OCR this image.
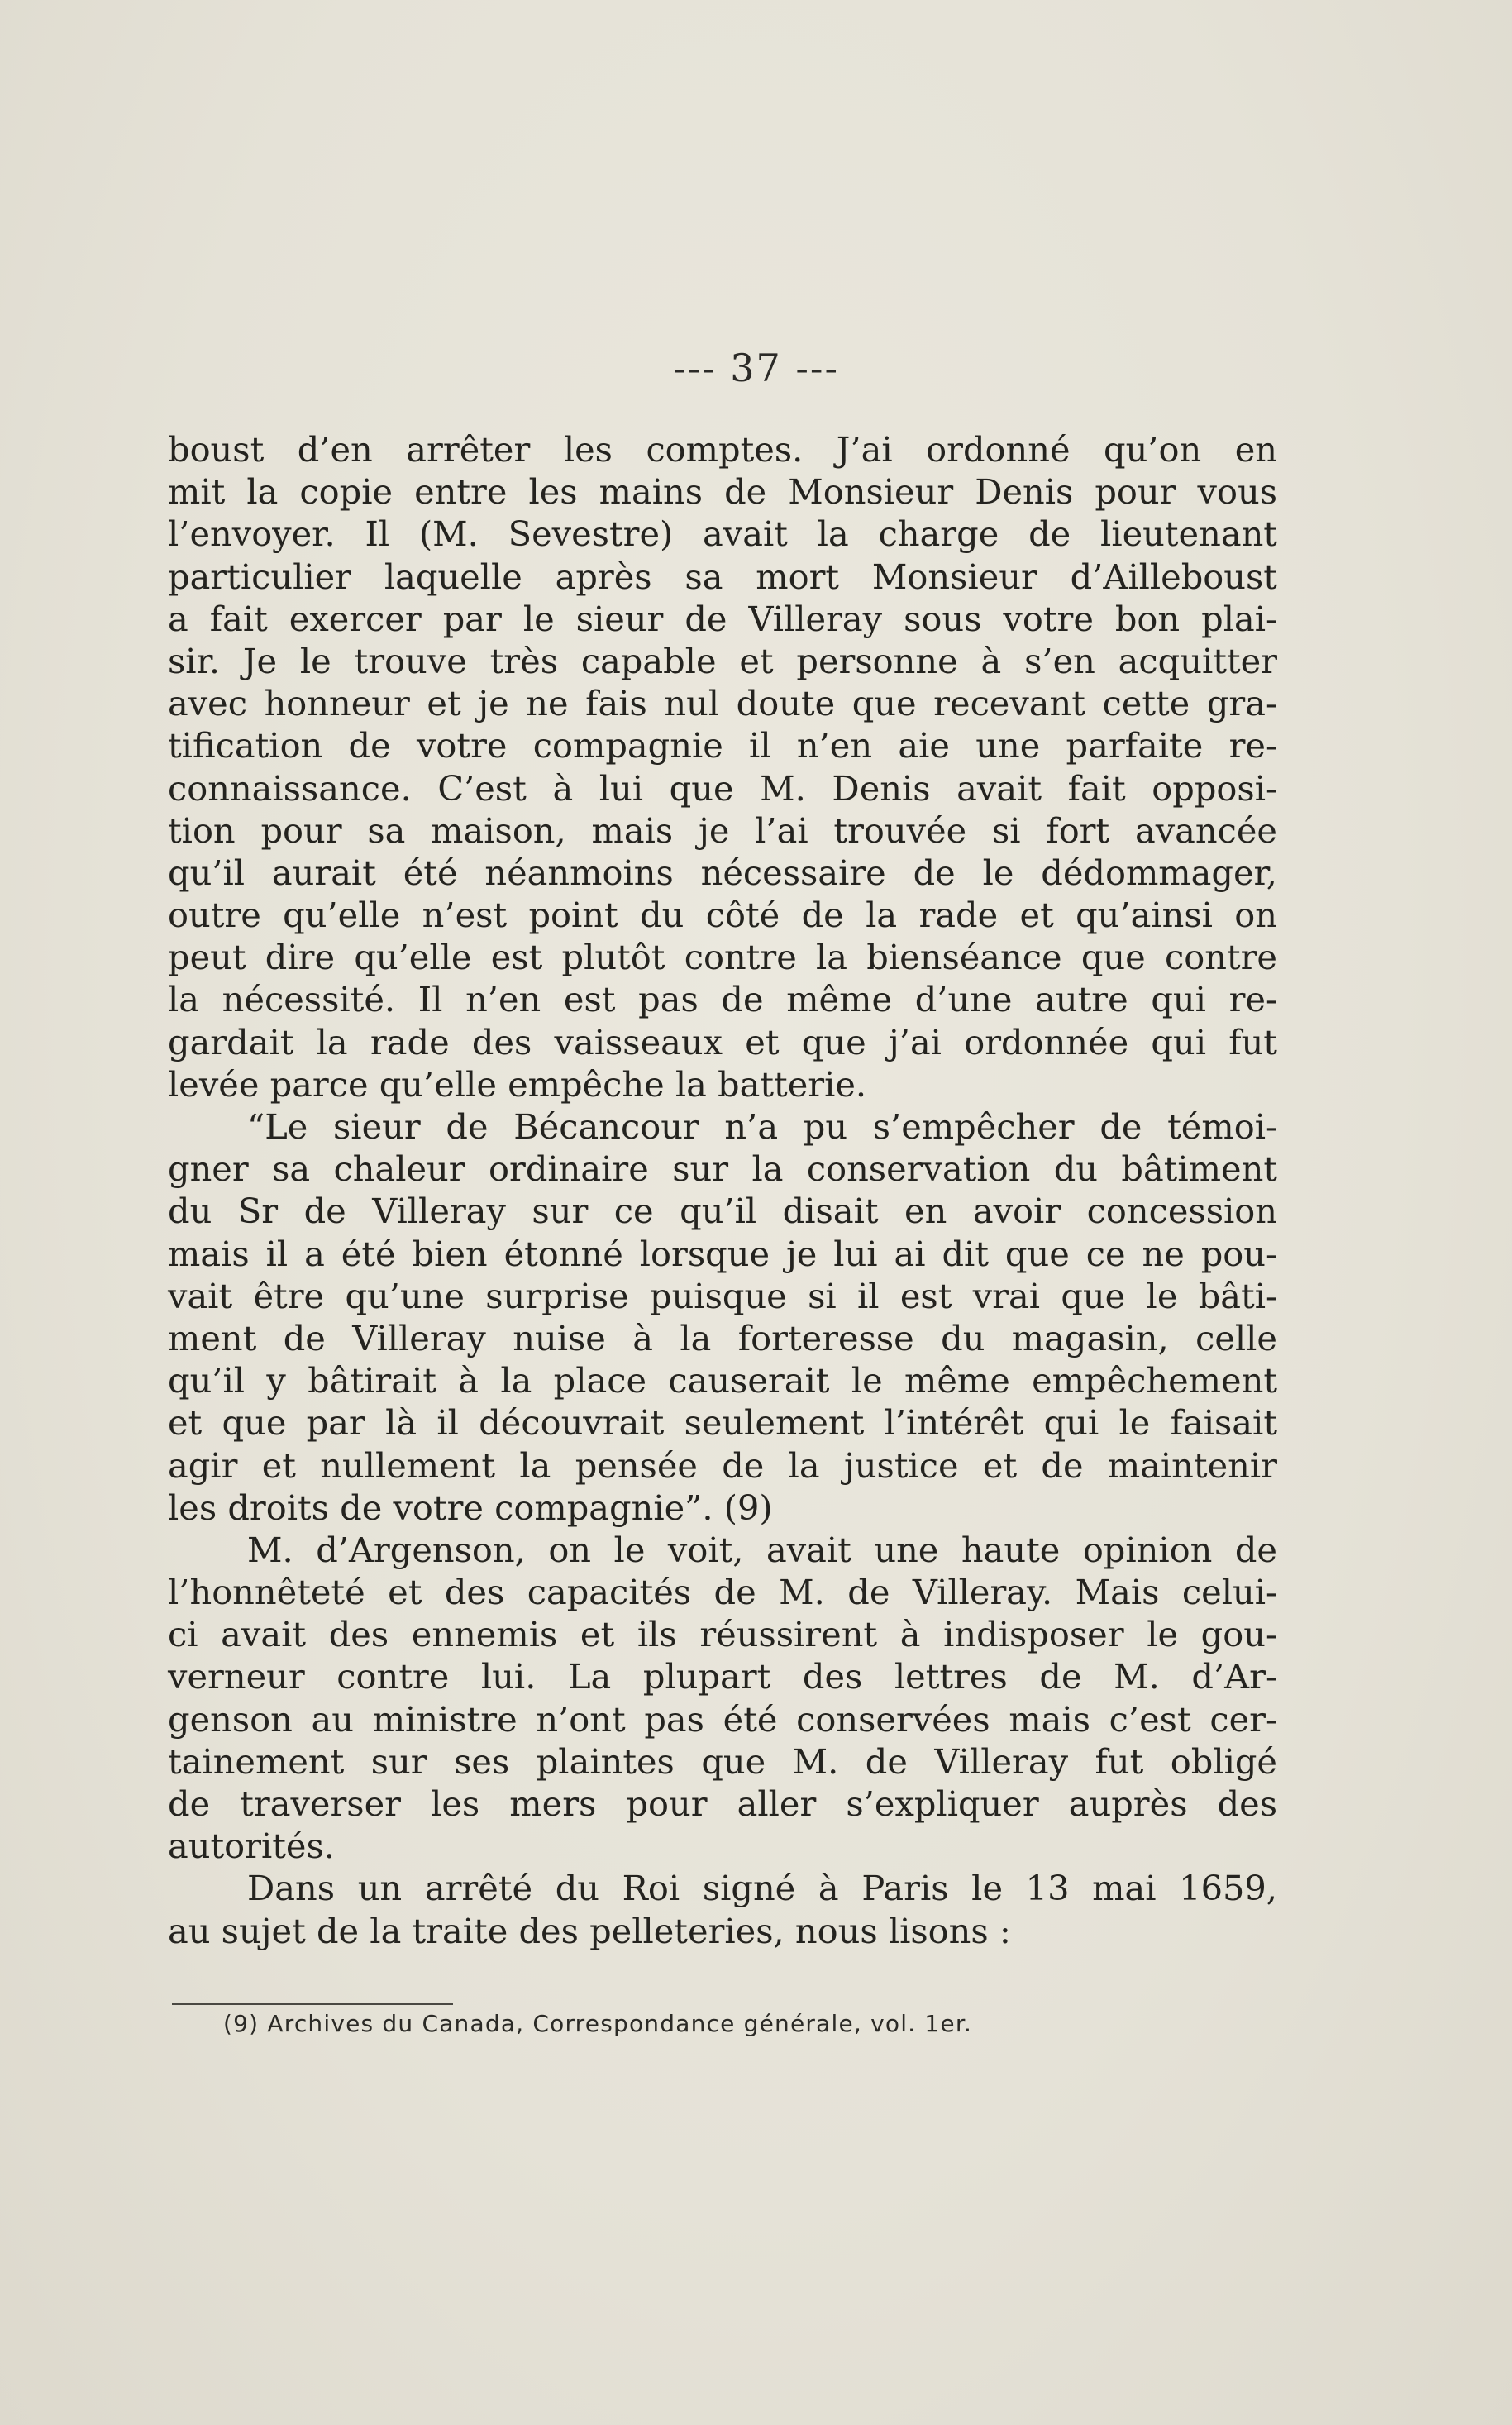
--- 37 ---
boust d’en arrêter les comptes. J’ai ordonné qu’on en
mit la copie entre les mains de Monsieur Denis pour vous
l’envoyer. Il (M. Sevestre) avait la charge de lieutenant
particulier laquelle après sa mort Monsieur d’Ailleboust
a fait exercer par le sieur de Villeray sous votre bon plai-
sir. Je le trouve très capable et personne à s’en acquitter
avec honneur et je ne fais nul doute que recevant cette gra-
tification de votre compagnie il n’en aie une parfaite re-
connaissance. C’est à lui que M. Denis avait fait opposi-
tion pour sa maison, mais je l’ai trouvée si fort avancée
qu’il aurait été néanmoins nécessaire de le dédommager,
outre qu’elle n’est point du côté de la rade et qu’ainsi on
peut dire qu’elle est plutôt contre la bienséance que contre
la nécessité. Il n’en est pas de même d’une autre qui re-
gardait la rade des vaisseaux et que j’ai ordonnée qui fut
levée parce qu’elle empêche la batterie.
“Le sieur de Bécancour n’a pu s’empêcher de témoi-
gner sa chaleur ordinaire sur la conservation du bâtiment
du Sr de Villeray sur ce qu’il disait en avoir concession
mais il a été bien étonné lorsque je lui ai dit que ce ne pou-
vait être qu’une surprise puisque si il est vrai que le bâti-
ment de Villeray nuise à la forteresse du magasin, celle
qu’il y bâtirait à la place causerait le même empêchement
et que par là il découvrait seulement l’intérêt qui le faisait
agir et nullement la pensée de la justice et de maintenir
les droits de votre compagnie”. (9)
M. d’Argenson, on le voit, avait une haute opinion de
l’honnêteté et des capacités de M. de Villeray. Mais celui-
ci avait des ennemis et ils réussirent à indisposer le gou-
verneur contre lui. La plupart des lettres de M. d’Ar-
genson au ministre n’ont pas été conservées mais c’est cer-
tainement sur ses plaintes que M. de Villeray fut obligé
de traverser les mers pour aller s’expliquer auprès des
autorités.
Dans un arrêté du Roi signé à Paris le 13 mai 1659,
au sujet de la traite des pelleteries, nous lisons :
(9) Archives du Canada, Correspondance générale, vol. 1er.
